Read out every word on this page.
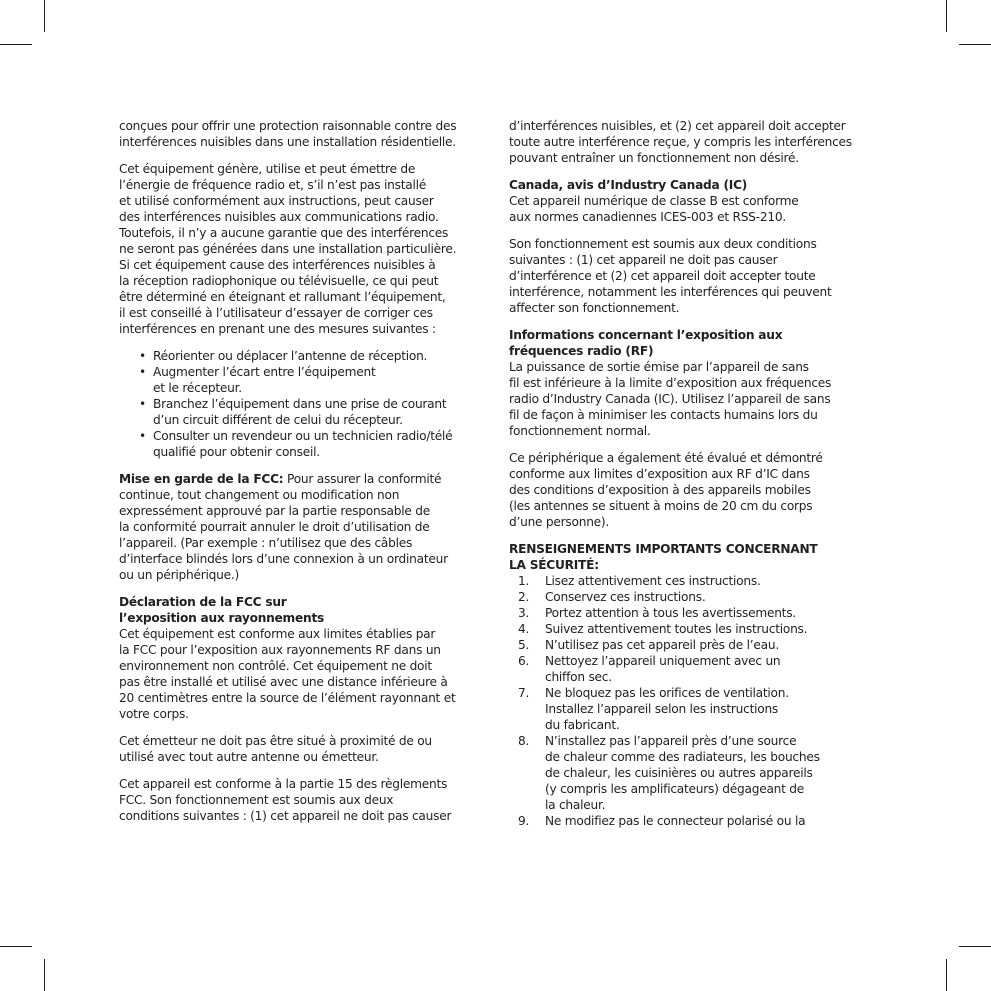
conçues pour offrir une protection raisonnable contre des
interférences nuisibles dans une installation résidentielle.

Cet équipement génère, utilise et peut émettre de
l’énergie de fréquence radio et, s’il n’est pas installé
et utilisé conformément aux instructions, peut causer
des interférences nuisibles aux communications radio.
Toutefois, il n’y a aucune garantie que des interférences
ne seront pas générées dans une installation particulière.
Si cet équipement cause des interférences nuisibles à
la réception radiophonique ou télévisuelle, ce qui peut
être déterminé en éteignant et rallumant l’équipement,
il est conseillé à l’utilisateur d’essayer de corriger ces
interférences en prenant une des mesures suivantes :

• Réorienter ou déplacer l’antenne de réception.
• Augmenter l’écart entre l’équipement
et le récepteur.
• Branchez l’équipement dans une prise de courant
d’un circuit différent de celui du récepteur.
• Consulter un revendeur ou un technicien radio/télé
qualifié pour obtenir conseil.

Mise en garde de la FCC: Pour assurer la conformité
continue, tout changement ou modification non
expressément approuvé par la partie responsable de
la conformité pourrait annuler le droit d’utilisation de
l’appareil. (Par exemple : n’utilisez que des câbles
d’interface blindés lors d’une connexion à un ordinateur
ou un périphérique.)

Déclaration de la FCC sur
l’exposition aux rayonnements
Cet équipement est conforme aux limites établies par
la FCC pour l’exposition aux rayonnements RF dans un
environnement non contrôlé. Cet équipement ne doit
pas être installé et utilisé avec une distance inférieure à
20 centimètres entre la source de l’élément rayonnant et
votre corps.

Cet émetteur ne doit pas être situé à proximité de ou
utilisé avec tout autre antenne ou émetteur.

Cet appareil est conforme à la partie 15 des règlements
FCC. Son fonctionnement est soumis aux deux
conditions suivantes : (1) cet appareil ne doit pas causer

d’interférences nuisibles, et (2) cet appareil doit accepter
toute autre interférence reçue, y compris les interférences
pouvant entraîner un fonctionnement non désiré.

Canada, avis d’Industry Canada (IC)
Cet appareil numérique de classe B est conforme
aux normes canadiennes ICES-003 et RSS-210.

Son fonctionnement est soumis aux deux conditions
suivantes : (1) cet appareil ne doit pas causer
d’interférence et (2) cet appareil doit accepter toute
interférence, notamment les interférences qui peuvent
affecter son fonctionnement.

Informations concernant l’exposition aux
fréquences radio (RF)
La puissance de sortie émise par l’appareil de sans
fil est inférieure à la limite d’exposition aux fréquences
radio d’Industry Canada (IC). Utilisez l’appareil de sans
fil de façon à minimiser les contacts humains lors du
fonctionnement normal.

Ce périphérique a également été évalué et démontré
conforme aux limites d’exposition aux RF d’IC dans
des conditions d’exposition à des appareils mobiles
(les antennes se situent à moins de 20 cm du corps
d’une personne).

RENSEIGNEMENTS IMPORTANTS CONCERNANT
LA SÉCURITÉ:
1. Lisez attentivement ces instructions.
2. Conservez ces instructions.
3. Portez attention à tous les avertissements.
4. Suivez attentivement toutes les instructions.
5. N’utilisez pas cet appareil près de l’eau.
6. Nettoyez l’appareil uniquement avec un
chiffon sec.
7. Ne bloquez pas les orifices de ventilation.
Installez l’appareil selon les instructions
du fabricant.
8. N’installez pas l’appareil près d’une source
de chaleur comme des radiateurs, les bouches
de chaleur, les cuisinières ou autres appareils
(y compris les amplificateurs) dégageant de
la chaleur.
9. Ne modifiez pas le connecteur polarisé ou la
